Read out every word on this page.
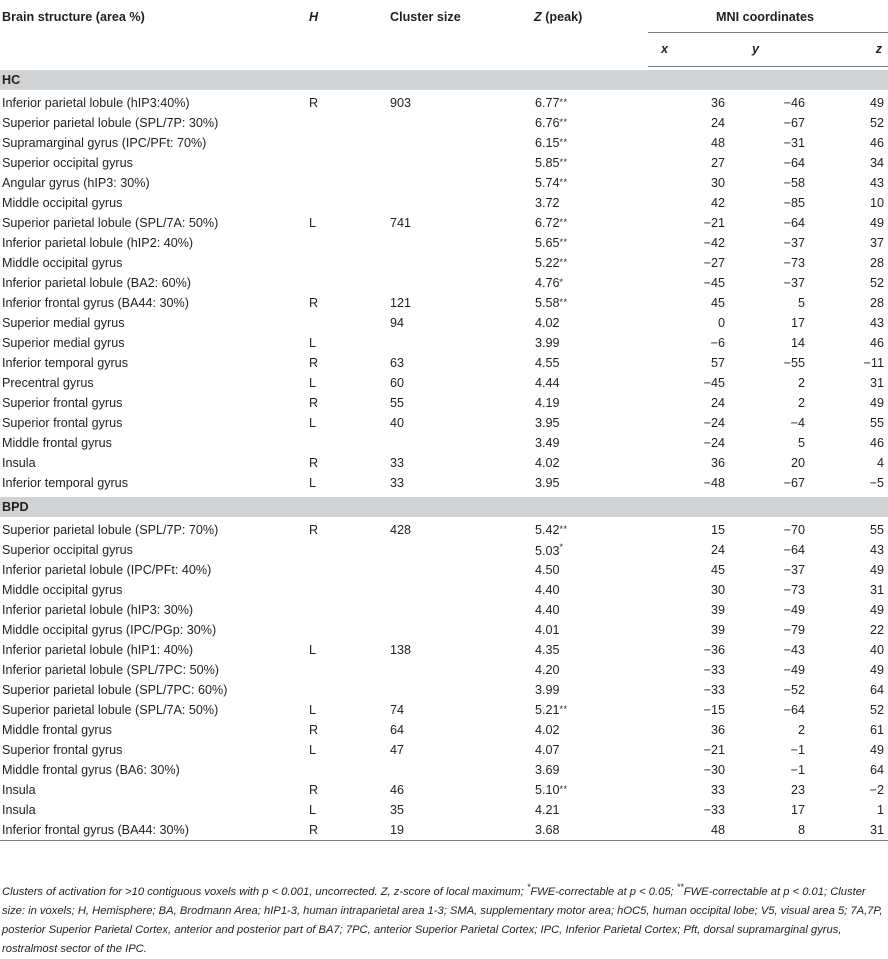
Brain structure (area %)	H	Cluster size	Z (peak)	MNI coordinates		
				x	y	z

HC						

Inferior parietal lobule (hIP3:40%)	R	903	6.77**	36	−46	49
Superior parietal lobule (SPL/7P: 30%)			6.76**	24	−67	52
Supramarginal gyrus (IPC/PFt: 70%)			6.15**	48	−31	46
Superior occipital gyrus			5.85**	27	−64	34
Angular gyrus (hIP3: 30%)			5.74**	30	−58	43
Middle occipital gyrus			3.72	42	−85	10
Superior parietal lobule (SPL/7A: 50%)	L	741	6.72**	−21	−64	49
Inferior parietal lobule (hIP2: 40%)			5.65**	−42	−37	37
Middle occipital gyrus			5.22**	−27	−73	28
Inferior parietal lobule (BA2: 60%)			4.76*	−45	−37	52
Inferior frontal gyrus (BA44: 30%)	R	121	5.58**	45	5	28
Superior medial gyrus		94	4.02	0	17	43
Superior medial gyrus	L		3.99	−6	14	46
Inferior temporal gyrus	R	63	4.55	57	−55	−11
Precentral gyrus	L	60	4.44	−45	2	31
Superior frontal gyrus	R	55	4.19	24	2	49
Superior frontal gyrus	L	40	3.95	−24	−4	55
Middle frontal gyrus			3.49	−24	5	46
Insula	R	33	4.02	36	20	4
Inferior temporal gyrus	L	33	3.95	−48	−67	−5

BPD						

Superior parietal lobule (SPL/7P: 70%)	R	428	5.42**	15	−70	55
Superior occipital gyrus			5.03*	24	−64	43
Inferior parietal lobule (IPC/PFt: 40%)			4.50	45	−37	49
Middle occipital gyrus			4.40	30	−73	31
Inferior parietal lobule (hIP3: 30%)			4.40	39	−49	49
Middle occipital gyrus (IPC/PGp: 30%)			4.01	39	−79	22
Inferior parietal lobule (hIP1: 40%)	L	138	4.35	−36	−43	40
Inferior parietal lobule (SPL/7PC: 50%)			4.20	−33	−49	49
Superior parietal lobule (SPL/7PC: 60%)			3.99	−33	−52	64
Superior parietal lobule (SPL/7A: 50%)	L	74	5.21**	−15	−64	52
Middle frontal gyrus	R	64	4.02	36	2	61
Superior frontal gyrus	L	47	4.07	−21	−1	49
Middle frontal gyrus (BA6: 30%)			3.69	−30	−1	64
Insula	R	46	5.10**	33	23	−2
Insula	L	35	4.21	−33	17	1
Inferior frontal gyrus (BA44: 30%)	R	19	3.68	48	8	31
Clusters of activation for >10 contiguous voxels with p < 0.001, uncorrected. Z, z-score of local maximum; *FWE-correctable at p < 0.05; **FWE-correctable at p < 0.01; Cluster size: in voxels; H, Hemisphere; BA, Brodmann Area; hIP1-3, human intraparietal area 1-3; SMA, supplementary motor area; hOC5, human occipital lobe; V5, visual area 5; 7A,7P, posterior Superior Parietal Cortex, anterior and posterior part of BA7; 7PC, anterior Superior Parietal Cortex; IPC, Inferior Parietal Cortex; Pft, dorsal supramarginal gyrus, rostralmost sector of the IPC.
